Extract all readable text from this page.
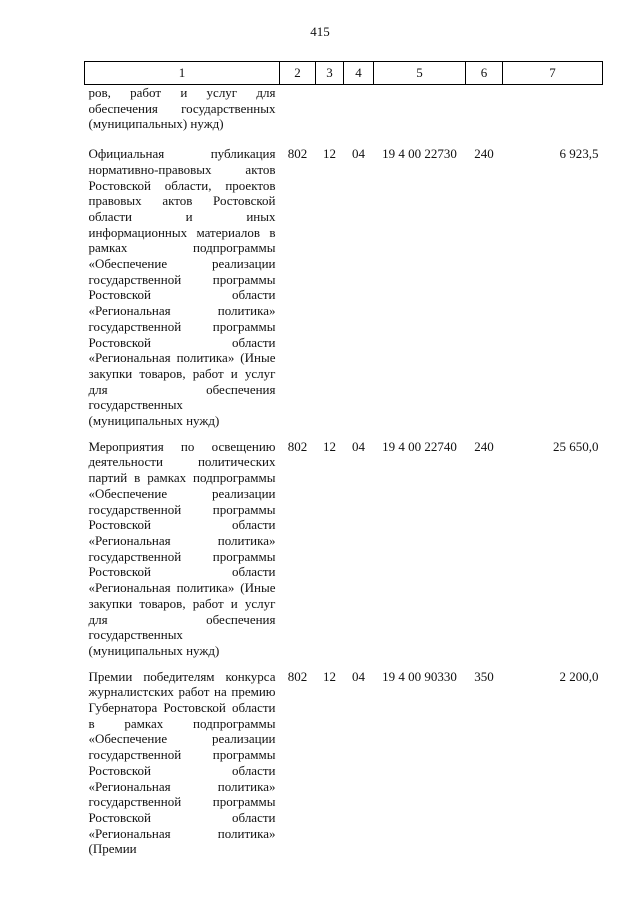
415
1	2	3	4	5	6	7
ров, работ и услуг для обеспечения государственных (муниципальных) нужд)						
Официальная публикация нормативно-правовых актов Ростовской области, проектов правовых актов Ростовской области и иных информационных материалов в рамках подпрограммы «Обеспечение реализации государственной программы Ростовской области «Региональная политика» государственной программы Ростовской области «Региональная политика» (Иные закупки товаров, работ и услуг для обеспечения государственных (муниципальных нужд)	802	12	04	19 4 00 22730	240	6 923,5
Мероприятия по освещению деятельности политических партий в рамках подпрограммы «Обеспечение реализации государственной программы Ростовской области «Региональная политика» государственной программы Ростовской области «Региональная политика» (Иные закупки товаров, работ и услуг для обеспечения государственных (муниципальных нужд)	802	12	04	19 4 00 22740	240	25 650,0
Премии победителям конкурса журналистских работ на премию Губернатора Ростовской области в рамках подпрограммы «Обеспечение реализации государственной программы Ростовской области «Региональная политика» государственной программы Ростовской области «Региональная политика» (Премии	802	12	04	19 4 00 90330	350	2 200,0
